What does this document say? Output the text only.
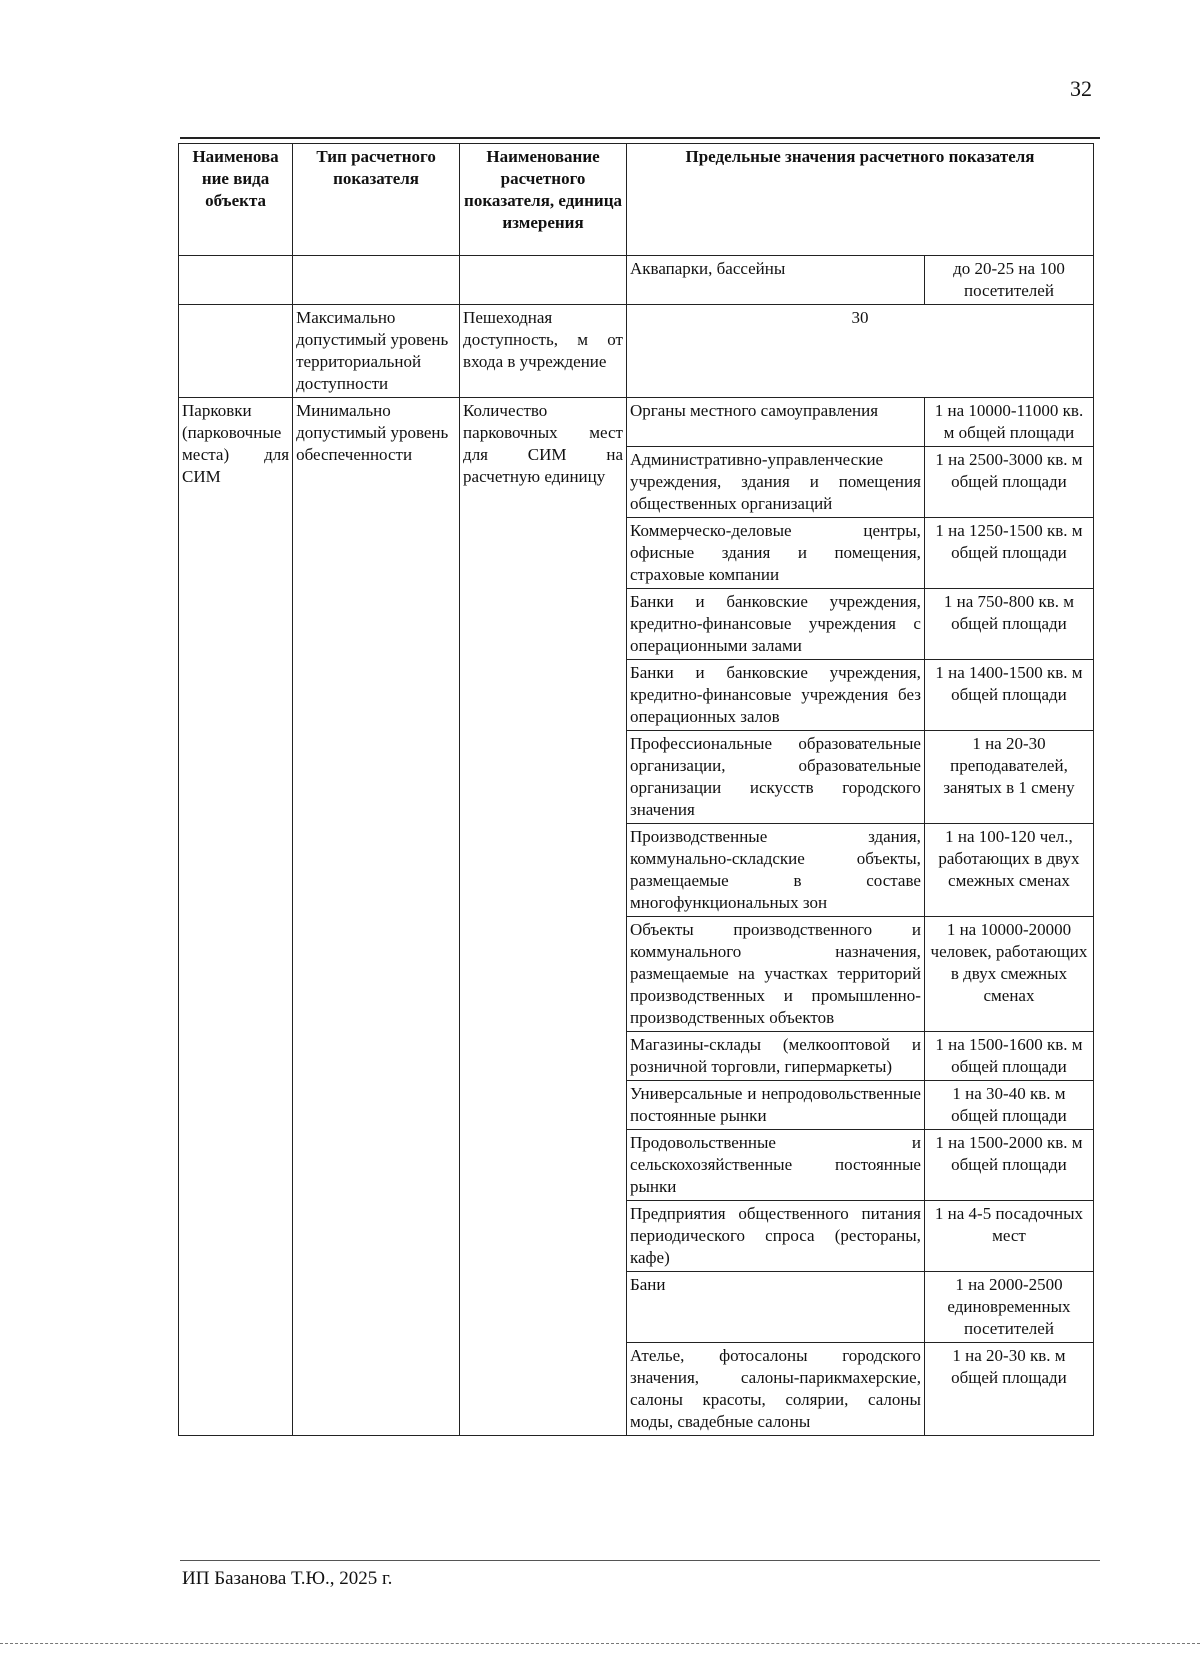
32
Наименова ние вида объекта	Тип расчетного показателя	Наименование расчетного показателя, единица измерения	Предельные значения расчетного показателя	
			Аквапарки, бассейны	до 20-25 на 100 посетителей
	Максимально допустимый уровень территориальной доступности	Пешеходная доступность, м от входа в учреждение	30	
Парковки (парковочные места) для СИМ	Минимально допустимый уровень обеспеченности	Количество парковочных мест для СИМ на расчетную единицу	Органы местного самоуправления	1 на 10000-11000 кв. м общей площади
			Административно-управленческие учреждения, здания и помещения общественных организаций	1 на 2500-3000 кв. м общей площади
			Коммерческо-деловые центры, офисные здания и помещения, страховые компании	1 на 1250-1500 кв. м общей площади
			Банки и банковские учреждения, кредитно-финансовые учреждения с операционными залами	1 на 750-800 кв. м общей площади
			Банки и банковские учреждения, кредитно-финансовые учреждения без операционных залов	1 на 1400-1500 кв. м общей площади
			Профессиональные образовательные организации, образовательные организации искусств городского значения	1 на 20-30 преподавателей, занятых в 1 смену
			Производственные здания, коммунально-складские объекты, размещаемые в составе многофункциональных зон	1 на 100-120 чел., работающих в двух смежных сменах
			Объекты производственного и коммунального назначения, размещаемые на участках территорий производственных и промышленно-производственных объектов	1 на 10000-20000 человек, работающих в двух смежных сменах
			Магазины-склады (мелкооптовой и розничной торговли, гипермаркеты)	1 на 1500-1600 кв. м общей площади
			Универсальные и непродовольственные постоянные рынки	1 на 30-40 кв. м общей площади
			Продовольственные и сельскохозяйственные постоянные рынки	1 на 1500-2000 кв. м общей площади
			Предприятия общественного питания периодического спроса (рестораны, кафе)	1 на 4-5 посадочных мест
			Бани	1 на 2000-2500 единовременных посетителей
			Ателье, фотосалоны городского значения, салоны-парикмахерские, салоны красоты, солярии, салоны моды, свадебные салоны	1 на 20-30 кв. м общей площади
ИП Базанова Т.Ю., 2025 г.
